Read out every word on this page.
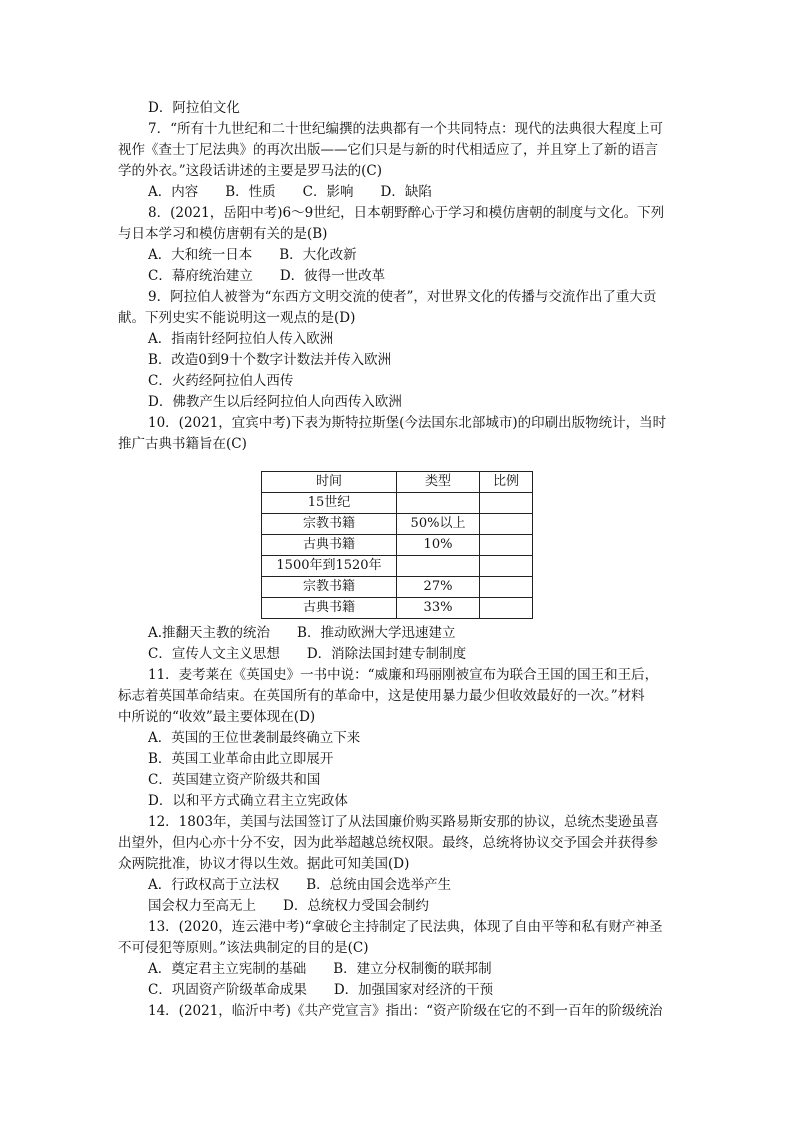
D．阿拉伯文化
7．“所有十九世纪和二十世纪编撰的法典都有一个共同特点：现代的法典很大程度上可
视作《查士丁尼法典》的再次出版——它们只是与新的时代相适应了，并且穿上了新的语言
学的外衣。”这段话讲述的主要是罗马法的(C)
A．内容　　B．性质　　C．影响　　D．缺陷
8．(2021，岳阳中考)6～9世纪，日本朝野醉心于学习和模仿唐朝的制度与文化。下列
与日本学习和模仿唐朝有关的是(B)
A．大和统一日本　　B．大化改新
C．幕府统治建立　　D．彼得一世改革
9．阿拉伯人被誉为“东西方文明交流的使者”，对世界文化的传播与交流作出了重大贡
献。下列史实不能说明这一观点的是(D)
A．指南针经阿拉伯人传入欧洲
B．改造0到9十个数字计数法并传入欧洲
C．火药经阿拉伯人西传
D．佛教产生以后经阿拉伯人向西传入欧洲
10．(2021，宜宾中考)下表为斯特拉斯堡(今法国东北部城市)的印刷出版物统计，当时
推广古典书籍旨在(C)
时间	类型	比例
15世纪		
宗教书籍	50%以上	
古典书籍	10%	
1500年到1520年		
宗教书籍	27%	
古典书籍	33%	
A.推翻天主教的统治　　B．推动欧洲大学迅速建立
C．宣传人文主义思想　　D．消除法国封建专制制度
11．麦考莱在《英国史》一书中说：“威廉和玛丽刚被宣布为联合王国的国王和王后，
标志着英国革命结束。在英国所有的革命中，这是使用暴力最少但收效最好的一次。”材料
中所说的“收效”最主要体现在(D)
A．英国的王位世袭制最终确立下来
B．英国工业革命由此立即展开
C．英国建立资产阶级共和国
D．以和平方式确立君主立宪政体
12．1803年，美国与法国签订了从法国廉价购买路易斯安那的协议，总统杰斐逊虽喜
出望外，但内心亦十分不安，因为此举超越总统权限。最终，总统将协议交予国会并获得参
众两院批准，协议才得以生效。据此可知美国(D)
A．行政权高于立法权　　B．总统由国会选举产生
国会权力至高无上　　D．总统权力受国会制约
13．(2020，连云港中考)“拿破仑主持制定了民法典，体现了自由平等和私有财产神圣
不可侵犯等原则。”该法典制定的目的是(C)
A．奠定君主立宪制的基础　　B．建立分权制衡的联邦制
C．巩固资产阶级革命成果　　D．加强国家对经济的干预
14．(2021，临沂中考)《共产党宣言》指出：“资产阶级在它的不到一百年的阶级统治
